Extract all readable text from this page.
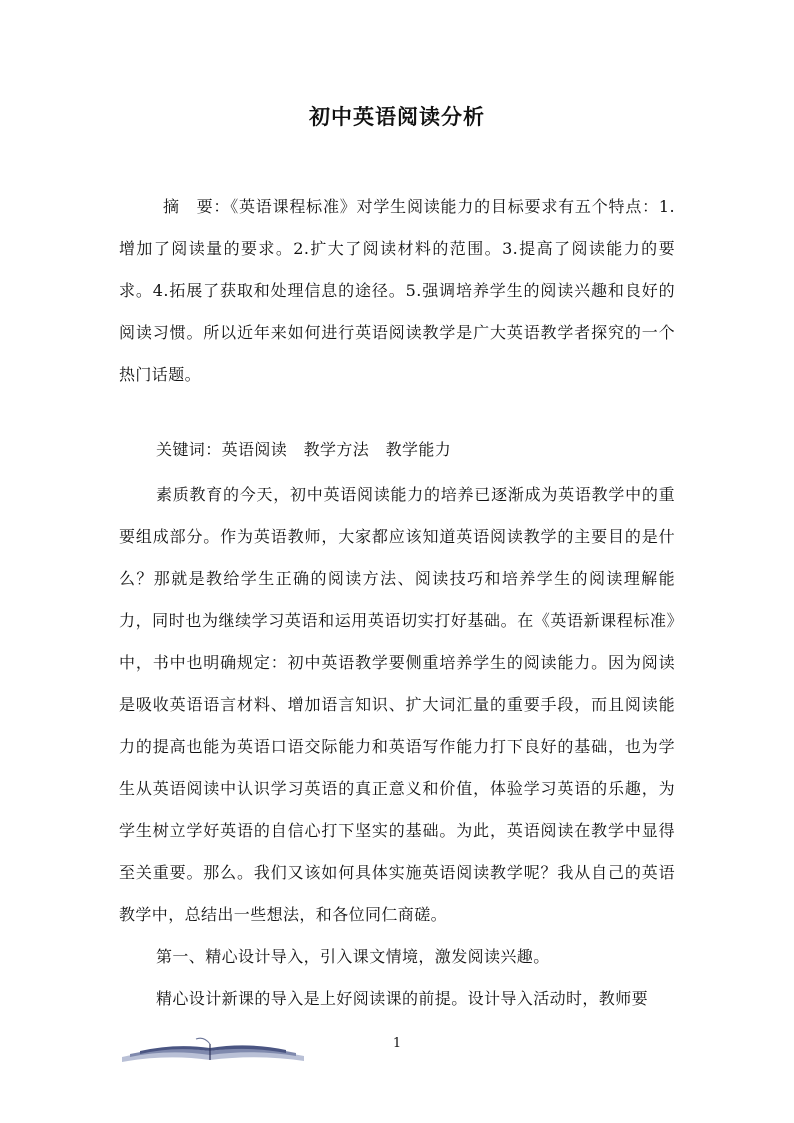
初中英语阅读分析

摘　要：《英语课程标准》对学生阅读能力的目标要求有五个特点：1.增加了阅读量的要求。2.扩大了阅读材料的范围。3.提高了阅读能力的要求。4.拓展了获取和处理信息的途径。5.强调培养学生的阅读兴趣和良好的阅读习惯。所以近年来如何进行英语阅读教学是广大英语教学者探究的一个热门话题。

关键词：英语阅读　教学方法　教学能力

素质教育的今天，初中英语阅读能力的培养已逐渐成为英语教学中的重要组成部分。作为英语教师，大家都应该知道英语阅读教学的主要目的是什么？那就是教给学生正确的阅读方法、阅读技巧和培养学生的阅读理解能力，同时也为继续学习英语和运用英语切实打好基础。在《英语新课程标准》中，书中也明确规定：初中英语教学要侧重培养学生的阅读能力。因为阅读是吸收英语语言材料、增加语言知识、扩大词汇量的重要手段，而且阅读能力的提高也能为英语口语交际能力和英语写作能力打下良好的基础，也为学生从英语阅读中认识学习英语的真正意义和价值，体验学习英语的乐趣，为学生树立学好英语的自信心打下坚实的基础。为此，英语阅读在教学中显得至关重要。那么。我们又该如何具体实施英语阅读教学呢？我从自己的英语教学中，总结出一些想法，和各位同仁商磋。

第一、精心设计导入，引入课文情境，激发阅读兴趣。

精心设计新课的导入是上好阅读课的前提。设计导入活动时，教师要

1
